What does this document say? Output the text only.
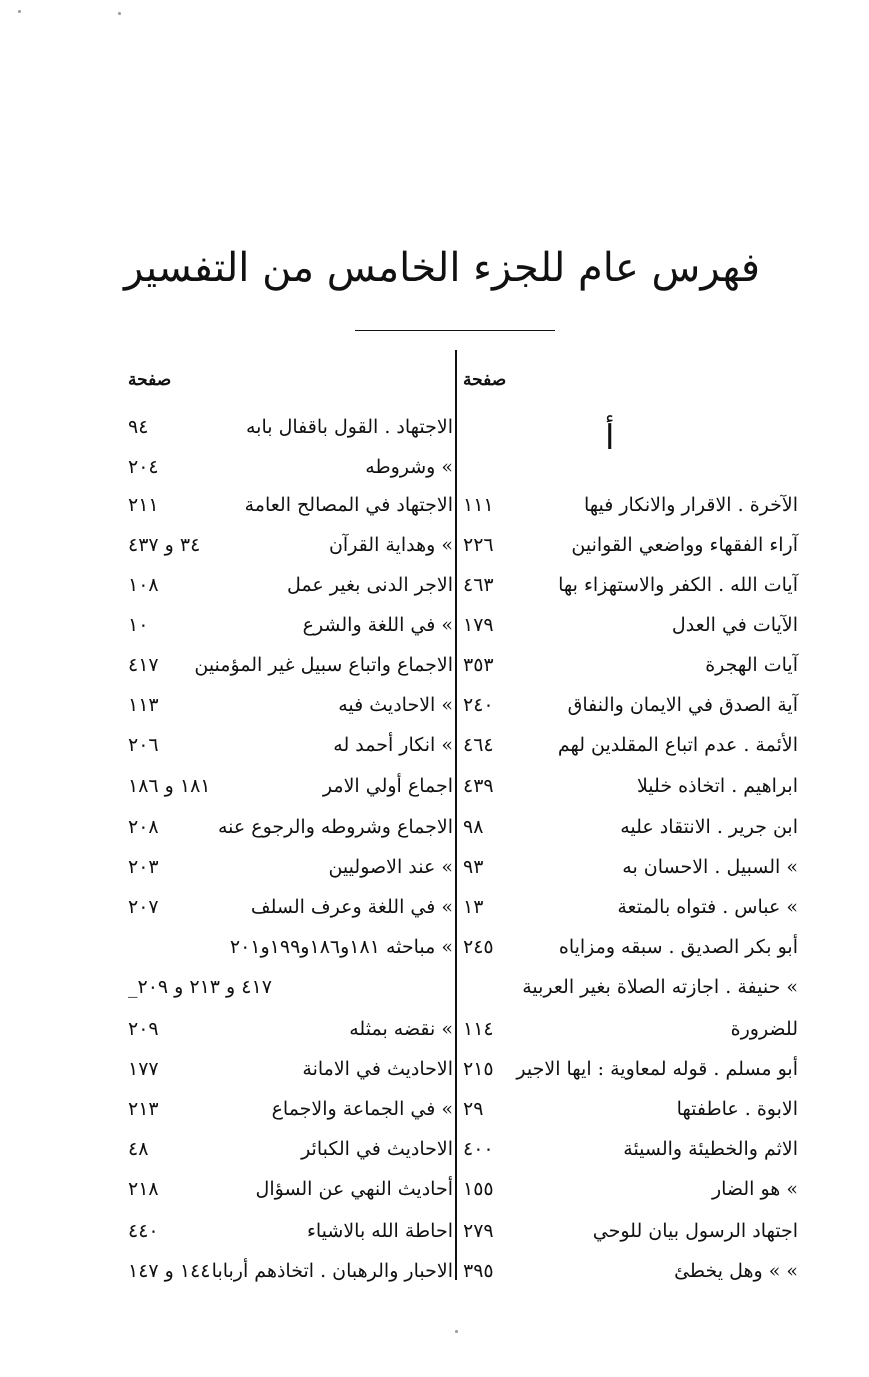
فهرس عام للجزء الخامس من التفسير
صفحة
صفحة
أ
الآخرة . الاقرار والانكار فيها
١١١
آراء الفقهاء وواضعي القوانين
٢٢٦
آيات الله . الكفر والاستهزاء بها
٤٦٣
الآيات في العدل
١٧٩
آيات الهجرة
٣٥٣
آية الصدق في الايمان والنفاق
٢٤٠
الأئمة . عدم اتباع المقلدين لهم
٤٦٤
ابراهيم . اتخاذه خليلا
٤٣٩
ابن جرير . الانتقاد عليه
٩٨
» السبيل . الاحسان به
٩٣
» عباس . فتواه بالمتعة
١٣
أبو بكر الصديق . سبقه ومزاياه
٢٤٥
» حنيفة . اجازته الصلاة بغير العربية
٤١٧ و ٢١٣ و ٢٠٩_
للضرورة
١١٤
أبو مسلم . قوله لمعاوية : ايها الاجير
٢١٥
الابوة . عاطفتها
٢٩
الاثم والخطيئة والسيئة
٤٠٠
» هو الضار
١٥٥
اجتهاد الرسول بيان للوحي
٢٧٩
» » وهل يخطئ
٣٩٥
الاجتهاد . القول باقفال بابه
٩٤
» وشروطه
٢٠٤
الاجتهاد في المصالح العامة
٢١١
» وهداية القرآن
٣٤ و ٤٣٧
الاجر الدنى بغير عمل
١٠٨
» في اللغة والشرع
١٠
الاجماع واتباع سبيل غير المؤمنين
٤١٧
» الاحاديث فيه
١١٣
» انكار أحمد له
٢٠٦
اجماع أولي الامر
١٨١ و ١٨٦
الاجماع وشروطه والرجوع عنه
٢٠٨
» عند الاصوليين
٢٠٣
» في اللغة وعرف السلف
٢٠٧
» مباحثه ١٨١و١٨٦و١٩٩و٢٠١
» نقضه بمثله
٢٠٩
الاحاديث في الامانة
١٧٧
» في الجماعة والاجماع
٢١٣
الاحاديث في الكبائر
٤٨
أحاديث النهي عن السؤال
٢١٨
احاطة الله بالاشياء
٤٤٠
الاحبار والرهبان . اتخاذهم أربابا
١٤٤ و ١٤٧
